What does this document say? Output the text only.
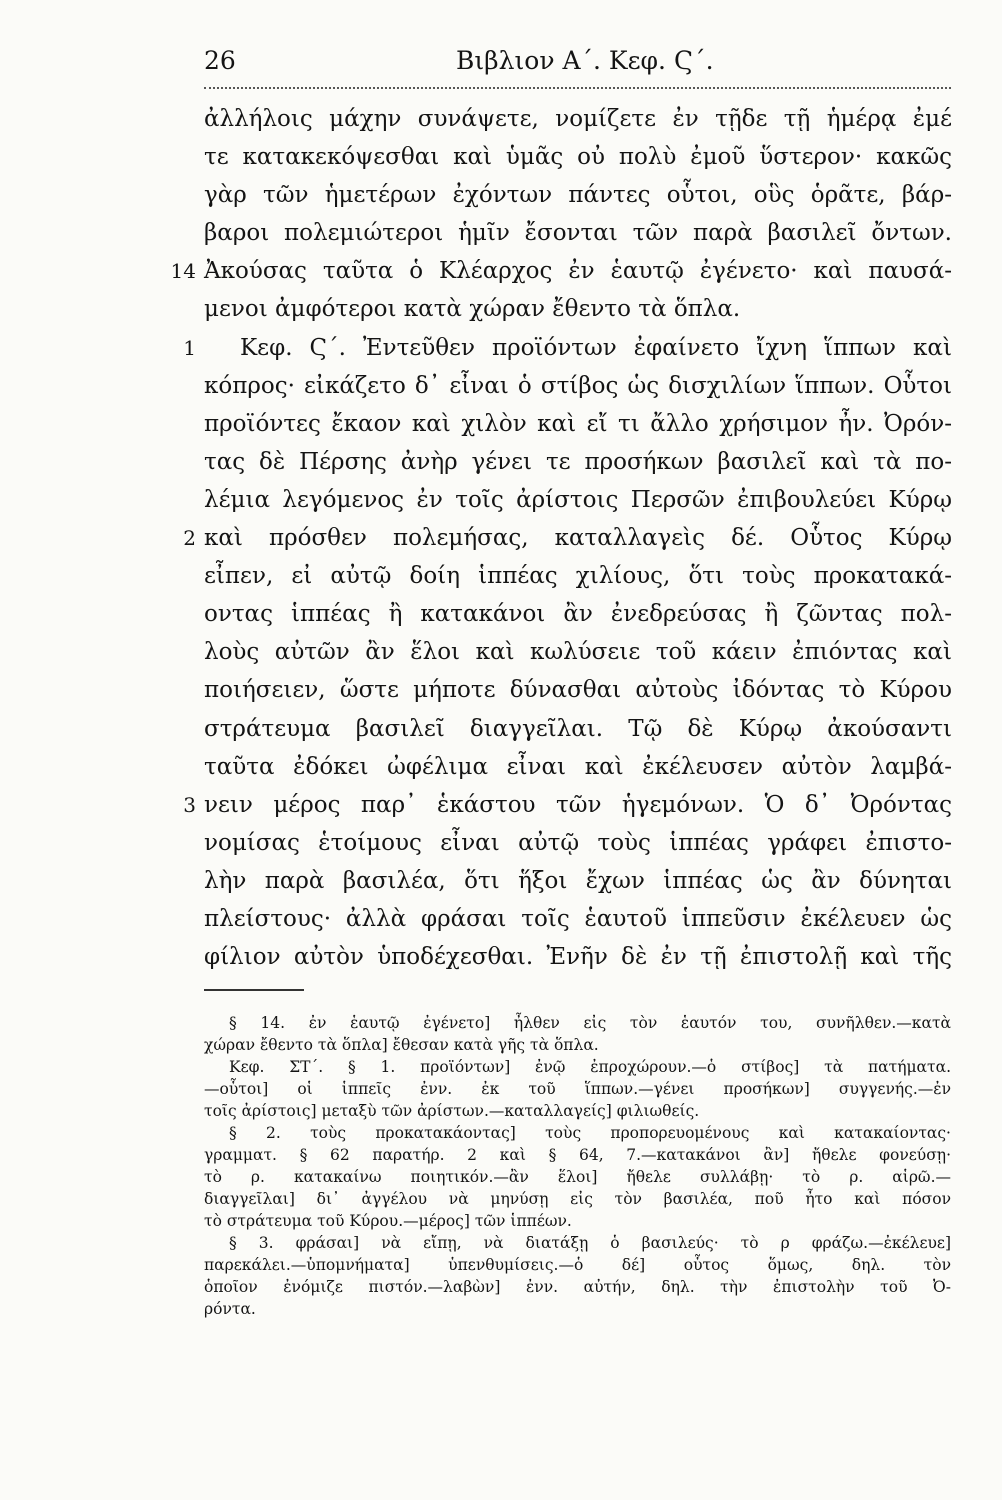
26	Βιβλιον Α΄. Κεφ. Ϛ΄.
ἀλλήλοις μάχην συνάψετε, νομίζετε ἐν τῇδε τῇ ἡμέρᾳ ἐμέ
τε κατακεκόψεσθαι καὶ ὑμᾶς οὐ πολὺ ἐμοῦ ὕστερον· κακῶς
γὰρ τῶν ἡμετέρων ἐχόντων πάντες οὗτοι, οὓς ὁρᾶτε, βάρ-
βαροι πολεμιώτεροι ἡμῖν ἔσονται τῶν παρὰ βασιλεῖ ὄντων.
14 Ἀκούσας ταῦτα ὁ Κλέαρχος ἐν ἑαυτῷ ἐγένετο· καὶ παυσά-
μενοι ἀμφότεροι κατὰ χώραν ἔθεντο τὰ ὅπλα.
1 Κεφ. Ϛ΄. Ἐντεῦθεν προϊόντων ἐφαίνετο ἴχνη ἵππων καὶ
κόπρος· εἰκάζετο δ᾽ εἶναι ὁ στίβος ὡς δισχιλίων ἵππων. Οὗτοι
προϊόντες ἔκαον καὶ χιλὸν καὶ εἴ τι ἄλλο χρήσιμον ἦν. Ὀρόν-
τας δὲ Πέρσης ἀνὴρ γένει τε προσήκων βασιλεῖ καὶ τὰ πο-
λέμια λεγόμενος ἐν τοῖς ἀρίστοις Περσῶν ἐπιβουλεύει Κύρῳ
2 καὶ πρόσθεν πολεμήσας, καταλλαγεὶς δέ. Οὗτος Κύρῳ
εἶπεν, εἰ αὐτῷ δοίη ἱππέας χιλίους, ὅτι τοὺς προκατακά-
οντας ἱππέας ἢ κατακάνοι ἂν ἐνεδρεύσας ἢ ζῶντας πολ-
λοὺς αὐτῶν ἂν ἕλοι καὶ κωλύσειε τοῦ κάειν ἐπιόντας καὶ
ποιήσειεν, ὥστε μήποτε δύνασθαι αὐτοὺς ἰδόντας τὸ Κύρου
στράτευμα βασιλεῖ διαγγεῖλαι. Τῷ δὲ Κύρῳ ἀκούσαντι
ταῦτα ἐδόκει ὠφέλιμα εἶναι καὶ ἐκέλευσεν αὐτὸν λαμβά-
3 νειν μέρος παρ᾽ ἑκάστου τῶν ἡγεμόνων. Ὁ δ᾽ Ὀρόντας
νομίσας ἑτοίμους εἶναι αὐτῷ τοὺς ἱππέας γράφει ἐπιστο-
λὴν παρὰ βασιλέα, ὅτι ἥξοι ἔχων ἱππέας ὡς ἂν δύνηται
πλείστους· ἀλλὰ φράσαι τοῖς ἑαυτοῦ ἱππεῦσιν ἐκέλευεν ὡς
φίλιον αὐτὸν ὑποδέχεσθαι. Ἐνῆν δὲ ἐν τῇ ἐπιστολῇ καὶ τῆς
§ 14. ἐν ἑαυτῷ ἐγένετο] ἦλθεν εἰς τὸν ἑαυτόν του, συνῆλθεν.—κατὰ
χώραν ἔθεντο τὰ ὅπλα] ἔθεσαν κατὰ γῆς τὰ ὅπλα.
Κεφ. ΣΤ΄. § 1. προϊόντων] ἐνῷ ἐπροχώρουν.—ὁ στίβος] τὰ πατήματα.
—οὗτοι] οἱ ἱππεῖς ἐνν. ἐκ τοῦ ἵππων.—γένει προσήκων] συγγενής.—ἐν
τοῖς ἀρίστοις] μεταξὺ τῶν ἀρίστων.—καταλλαγείς] φιλιωθείς.
§ 2. τοὺς προκατακάοντας] τοὺς προπορευομένους καὶ κατακαίοντας·
γραμματ. § 62 παρατήρ. 2 καὶ § 64, 7.—κατακάνοι ἂν] ἤθελε φονεύσῃ·
τὸ ρ. κατακαίνω ποιητικόν.—ἂν ἕλοι] ἤθελε συλλάβῃ· τὸ ρ. αἱρῶ.—
διαγγεῖλαι] δι᾽ ἀγγέλου νὰ μηνύσῃ εἰς τὸν βασιλέα, ποῦ ἦτο καὶ πόσον
τὸ στράτευμα τοῦ Κύρου.—μέρος] τῶν ἱππέων.
§ 3. φράσαι] νὰ εἴπῃ, νὰ διατάξῃ ὁ βασιλεύς· τὸ ρ φράζω.—ἐκέλευε]
παρεκάλει.—ὑπομνήματα] ὑπενθυμίσεις.—ὁ δέ] οὗτος ὅμως, δηλ. τὸν
ὁποῖον ἐνόμιζε πιστόν.—λαβὼν] ἐνν. αὐτήν, δηλ. τὴν ἐπιστολὴν τοῦ Ὀ-
ρόντα.
